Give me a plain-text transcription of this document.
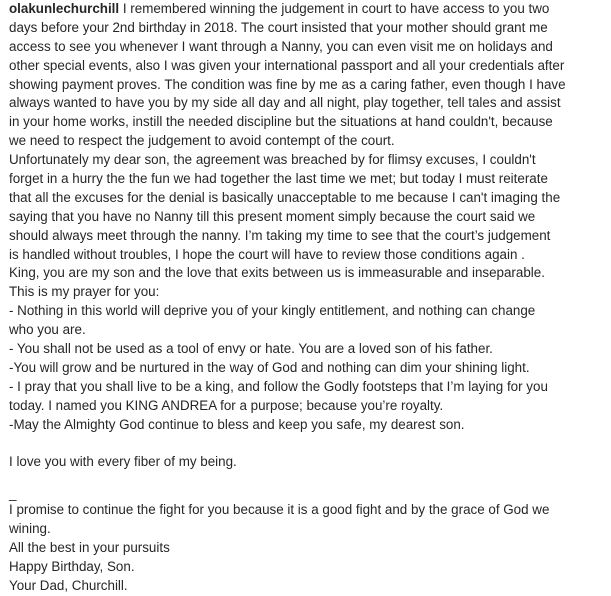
olakunlechurchill I remembered winning the judgement in court to have access to you two
days before your 2nd birthday in 2018. The court insisted that your mother should grant me
access to see you whenever I want through a Nanny, you can even visit me on holidays and
other special events, also I was given your international passport and all your credentials after
showing payment proves. The condition was fine by me as a caring father, even though I have
always wanted to have you by my side all day and all night, play together, tell tales and assist
in your home works, instill the needed discipline but the situations at hand couldn't, because
we need to respect the judgement to avoid contempt of the court.
Unfortunately my dear son, the agreement was breached by for flimsy excuses, I couldn't
forget in a hurry the the fun we had together the last time we met; but today I must reiterate
that all the excuses for the denial is basically unacceptable to me because I can't imaging the
saying that you have no Nanny till this present moment simply because the court said we
should always meet through the nanny. I’m taking my time to see that the court’s judgement
is handled without troubles, I hope the court will have to review those conditions again .
King, you are my son and the love that exits between us is immeasurable and inseparable.
This is my prayer for you:
- Nothing in this world will deprive you of your kingly entitlement, and nothing can change
who you are.
- You shall not be used as a tool of envy or hate. You are a loved son of his father.
-You will grow and be nurtured in the way of God and nothing can dim your shining light.
- I pray that you shall live to be a king, and follow the Godly footsteps that I’m laying for you
today. I named you KING ANDREA for a purpose; because you’re royalty.
-May the Almighty God continue to bless and keep you safe, my dearest son.
I love you with every fiber of my being.
_
I promise to continue the fight for you because it is a good fight and by the grace of God we
wining.
All the best in your pursuits
Happy Birthday, Son.
Your Dad, Churchill.
